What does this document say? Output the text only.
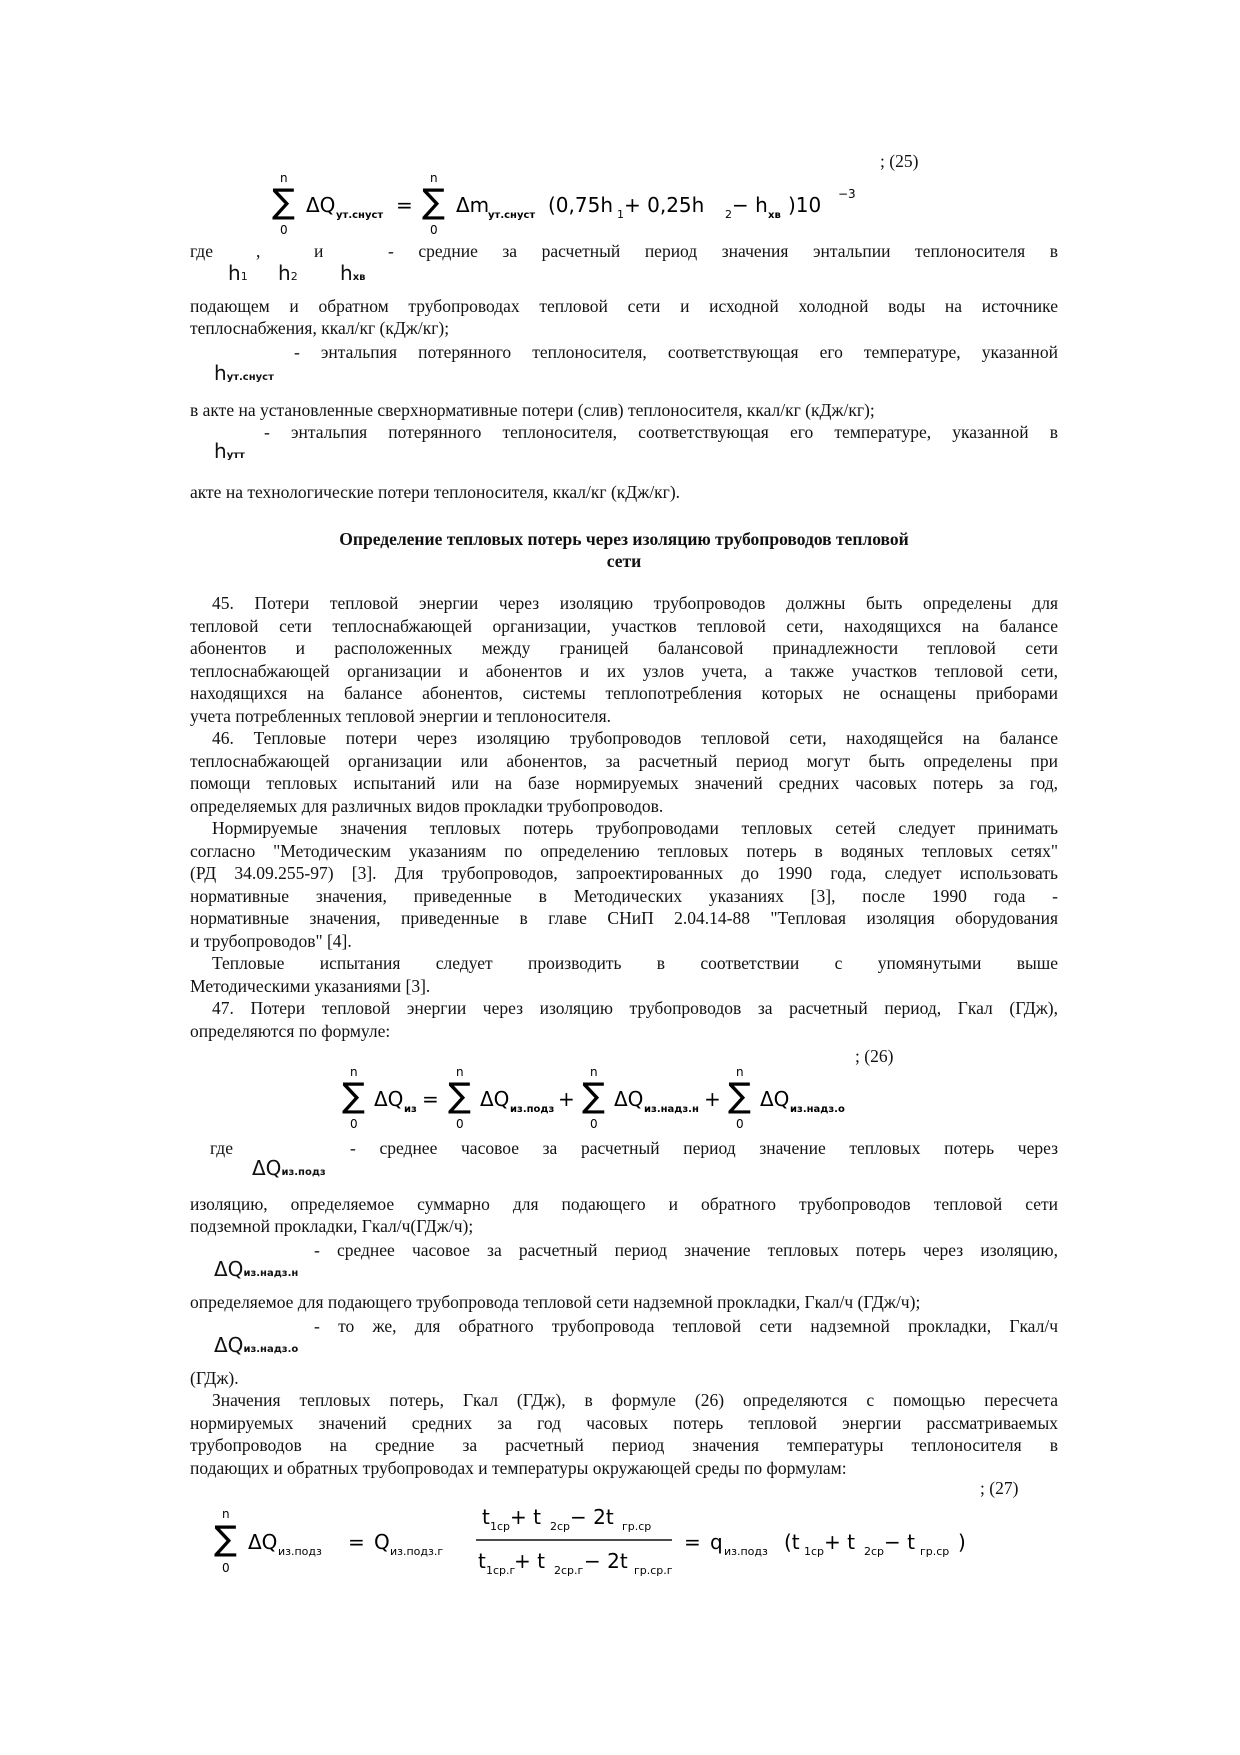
; (25)
n
∑
0
ΔQ ут.снуст =
n
∑
0
Δm
ут.снуст (0,75h 1 + 0,25h 2 − h хв )10 −3
где ,	и	- средние за расчетный период значения энтальпии теплоносителя в
h1 h2 hхв

подающем и обратном трубопроводах тепловой сети и исходной холодной воды на источнике

теплоснабжения, ккал/кг (кДж/кг);

- энтальпия потерянного теплоносителя, соответствующая его температуре, указанной

hут.снуст

в акте на установленные сверхнормативные потери (слив) теплоносителя, ккал/кг (кДж/кг);

- энтальпия потерянного теплоносителя, соответствующая его температуре, указанной в

hутт

акте на технологические потери теплоносителя, ккал/кг (кДж/кг).

Определение тепловых потерь через изоляцию трубопроводов тепловой
сети

45. Потери тепловой энергии через изоляцию трубопроводов должны быть определены для

тепловой сети теплоснабжающей организации, участков тепловой сети, находящихся на балансе

абонентов и расположенных между границей балансовой принадлежности тепловой сети

теплоснабжающей организации и абонентов и их узлов учета, а также участков тепловой сети,

находящихся на балансе абонентов, системы теплопотребления которых не оснащены приборами

учета потребленных тепловой энергии и теплоносителя.

46. Тепловые потери через изоляцию трубопроводов тепловой сети, находящейся на балансе

теплоснабжающей организации или абонентов, за расчетный период могут быть определены при

помощи тепловых испытаний или на базе нормируемых значений средних часовых потерь за год,

определяемых для различных видов прокладки трубопроводов.

Нормируемые значения тепловых потерь трубопроводами тепловых сетей следует принимать

согласно "Методическим указаниям по определению тепловых потерь в водяных тепловых сетях"

(РД 34.09.255-97) [3]. Для трубопроводов, запроектированных до 1990 года, следует использовать

нормативные значения, приведенные в Методических указаниях [3], после 1990 года -

нормативные значения, приведенные в главе СНиП 2.04.14-88 "Тепловая изоляция оборудования

и трубопроводов" [4].

Тепловые испытания следует производить в соответствии с упомянутыми выше

Методическими указаниями [3].

47. Потери тепловой энергии через изоляцию трубопроводов за расчетный период, Гкал (ГДж),

определяются по формуле:

; (26)
n
∑
0
ΔQ из =
n
∑
0
ΔQ из.подз +
n
∑
0
ΔQ из.надз.н +
n
∑
0
ΔQ из.надз.о
где	- среднее часовое за расчетный период значение тепловых потерь через
ΔQиз.подз

изоляцию, определяемое суммарно для подающего и обратного трубопроводов тепловой сети

подземной прокладки, Гкал/ч(ГДж/ч);

- среднее часовое за расчетный период значение тепловых потерь через изоляцию,

ΔQиз.надз.н

определяемое для подающего трубопровода тепловой сети надземной прокладки, Гкал/ч (ГДж/ч);

- то же, для обратного трубопровода тепловой сети надземной прокладки, Гкал/ч

ΔQиз.надз.о

(ГДж).

Значения тепловых потерь, Гкал (ГДж), в формуле (26) определяются с помощью пересчета

нормируемых значений средних за год часовых потерь тепловой энергии рассматриваемых

трубопроводов на средние за расчетный период значения температуры теплоносителя в

подающих и обратных трубопроводах и температуры окружающей среды по формулам:

; (27)
n
∑
0
ΔQ из.подз = Q из.подз.г
t 1ср + t 2ср − 2t гр.ср
t 1ср.г
+ t 2ср.г − 2t гр.ср.г
= q из.подз (t 1ср + t 2ср − t гр.ср )
